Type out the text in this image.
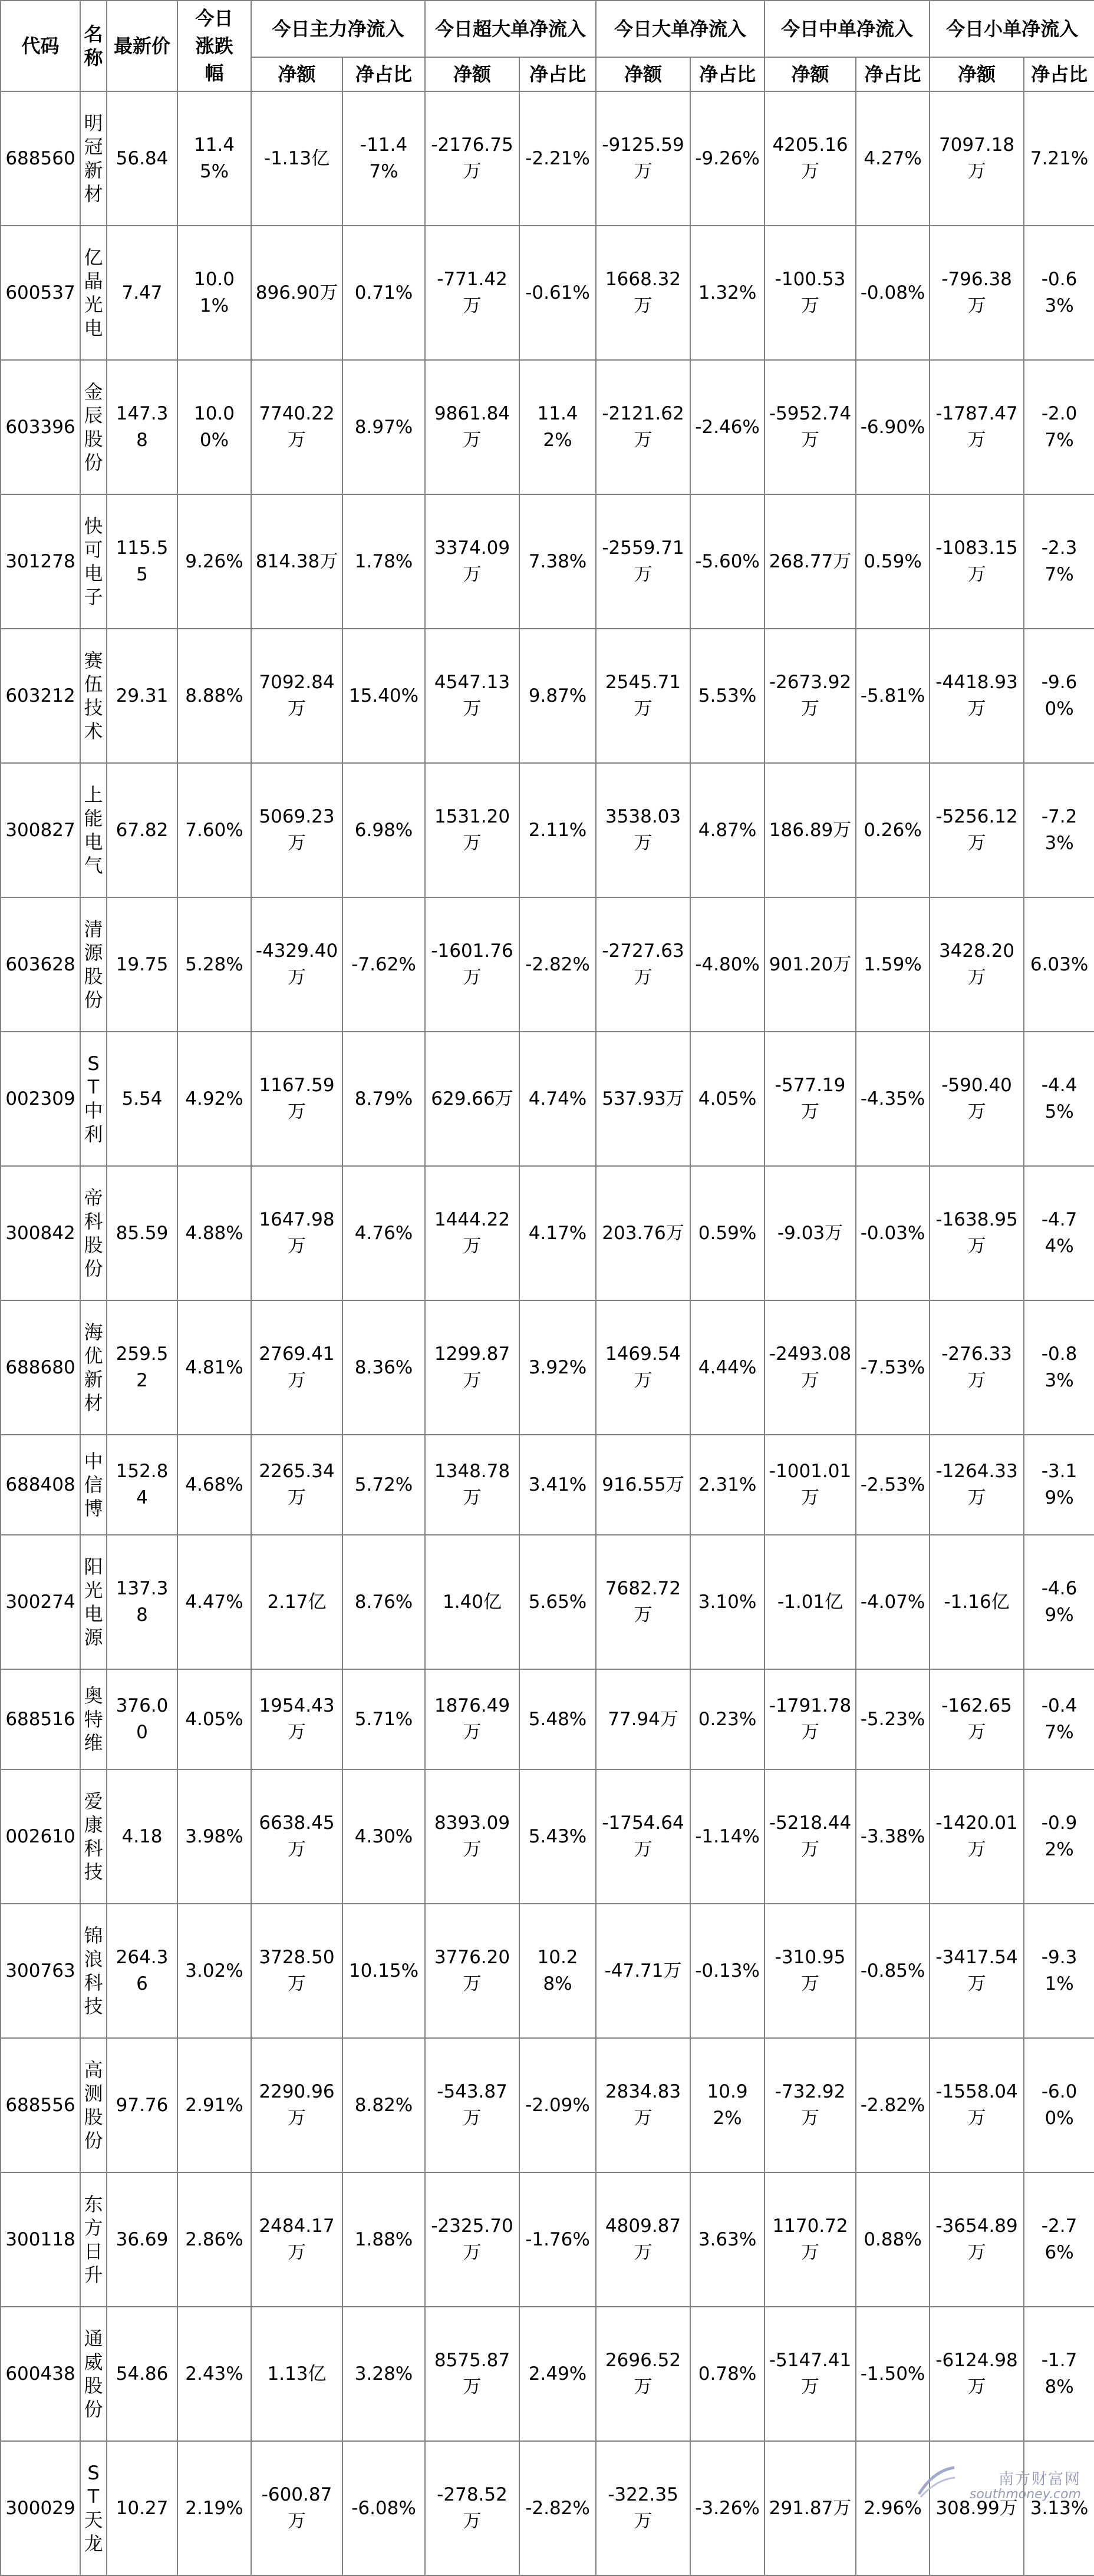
代码	名称	最新价	今日涨跌幅	今日主力净流入		今日超大单净流入		今日大单净流入		今日中单净流入		今日小单净流入	
				净额	净占比	净额	净占比	净额	净占比	净额	净占比	净额	净占比
688560	明冠新材	56.84	11.45%	-1.13亿	-11.47%	-2176.75万	-2.21%	-9125.59万	-9.26%	4205.16万	4.27%	7097.18万	7.21%
600537	亿晶光电	7.47	10.01%	896.90万	0.71%	-771.42万	-0.61%	1668.32万	1.32%	-100.53万	-0.08%	-796.38万	-0.63%
603396	金辰股份	147.38	10.00%	7740.22万	8.97%	9861.84万	11.42%	-2121.62万	-2.46%	-5952.74万	-6.90%	-1787.47万	-2.07%
301278	快可电子	115.55	9.26%	814.38万	1.78%	3374.09万	7.38%	-2559.71万	-5.60%	268.77万	0.59%	-1083.15万	-2.37%
603212	赛伍技术	29.31	8.88%	7092.84万	15.40%	4547.13万	9.87%	2545.71万	5.53%	-2673.92万	-5.81%	-4418.93万	-9.60%
300827	上能电气	67.82	7.60%	5069.23万	6.98%	1531.20万	2.11%	3538.03万	4.87%	186.89万	0.26%	-5256.12万	-7.23%
603628	清源股份	19.75	5.28%	-4329.40万	-7.62%	-1601.76万	-2.82%	-2727.63万	-4.80%	901.20万	1.59%	3428.20万	6.03%
002309	ST中利	5.54	4.92%	1167.59万	8.79%	629.66万	4.74%	537.93万	4.05%	-577.19万	-4.35%	-590.40万	-4.45%
300842	帝科股份	85.59	4.88%	1647.98万	4.76%	1444.22万	4.17%	203.76万	0.59%	-9.03万	-0.03%	-1638.95万	-4.74%
688680	海优新材	259.52	4.81%	2769.41万	8.36%	1299.87万	3.92%	1469.54万	4.44%	-2493.08万	-7.53%	-276.33万	-0.83%
688408	中信博	152.84	4.68%	2265.34万	5.72%	1348.78万	3.41%	916.55万	2.31%	-1001.01万	-2.53%	-1264.33万	-3.19%
300274	阳光电源	137.38	4.47%	2.17亿	8.76%	1.40亿	5.65%	7682.72万	3.10%	-1.01亿	-4.07%	-1.16亿	-4.69%
688516	奥特维	376.00	4.05%	1954.43万	5.71%	1876.49万	5.48%	77.94万	0.23%	-1791.78万	-5.23%	-162.65万	-0.47%
002610	爱康科技	4.18	3.98%	6638.45万	4.30%	8393.09万	5.43%	-1754.64万	-1.14%	-5218.44万	-3.38%	-1420.01万	-0.92%
300763	锦浪科技	264.36	3.02%	3728.50万	10.15%	3776.20万	10.28%	-47.71万	-0.13%	-310.95万	-0.85%	-3417.54万	-9.31%
688556	高测股份	97.76	2.91%	2290.96万	8.82%	-543.87万	-2.09%	2834.83万	10.92%	-732.92万	-2.82%	-1558.04万	-6.00%
300118	东方日升	36.69	2.86%	2484.17万	1.88%	-2325.70万	-1.76%	4809.87万	3.63%	1170.72万	0.88%	-3654.89万	-2.76%
600438	通威股份	54.86	2.43%	1.13亿	3.28%	8575.87万	2.49%	2696.52万	0.78%	-5147.41万	-1.50%	-6124.98万	-1.78%
300029	ST天龙	10.27	2.19%	-600.87万	-6.08%	-278.52万	-2.82%	-322.35万	-3.26%	291.87万	2.96%	308.99万	3.13%
南方财富网
southmoney.com
